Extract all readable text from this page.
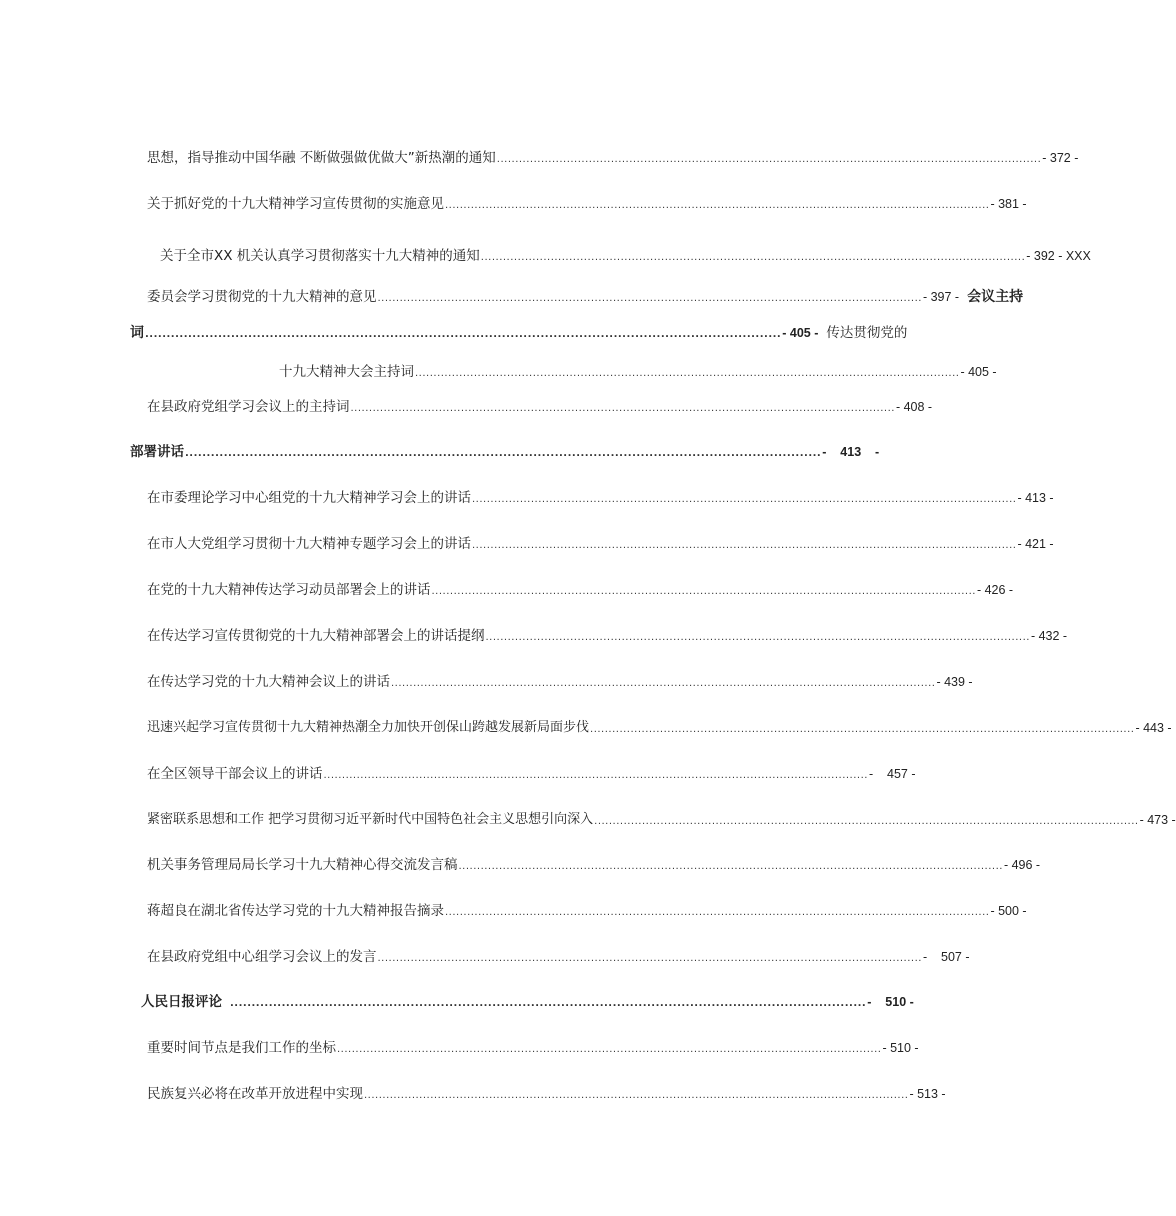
思想，指导推动中国华融 不断做强做优做大”新热潮的通知 .................................................................................................................................................... - 372 -
关于抓好党的十九大精神学习宣传贯彻的实施意见 .................................................................................................................................................... - 381 -
关于全市XX 机关认真学习贯彻落实十九大精神的通知 .................................................................................................................................................... - 392 - XXX
委员会学习贯彻党的十九大精神的意见 .................................................................................................................................................... - 397 - 会议主持
词 .................................................................................................................................................... - 405 - 传达贯彻党的
十九大精神大会主持词 .................................................................................................................................................... - 405 -
在县政府党组学习会议上的主持词 .................................................................................................................................................... - 408 -
部署讲话 .................................................................................................................................................... -    413    -
在市委理论学习中心组党的十九大精神学习会上的讲话 .................................................................................................................................................... - 413 -
在市人大党组学习贯彻十九大精神专题学习会上的讲话 .................................................................................................................................................... - 421 -
在党的十九大精神传达学习动员部署会上的讲话 .................................................................................................................................................... - 426 -
在传达学习宣传贯彻党的十九大精神部署会上的讲话提纲 .................................................................................................................................................... - 432 -
在传达学习党的十九大精神会议上的讲话 .................................................................................................................................................... - 439 -
迅速兴起学习宣传贯彻十九大精神热潮全力加快开创保山跨越发展新局面步伐 .................................................................................................................................................... - 443 -
在全区领导干部会议上的讲话 .................................................................................................................................................... -    457 -
紧密联系思想和工作 把学习贯彻习近平新时代中国特色社会主义思想引向深入 .................................................................................................................................................... - 473 -
机关事务管理局局长学习十九大精神心得交流发言稿 .................................................................................................................................................... - 496 -
蒋超良在湖北省传达学习党的十九大精神报告摘录 .................................................................................................................................................... - 500 -
在县政府党组中心组学习会议上的发言 .................................................................................................................................................... -    507 -
人民日报评论 .................................................................................................................................................... -    510 -
重要时间节点是我们工作的坐标 .................................................................................................................................................... - 510 -
民族复兴必将在改革开放进程中实现 .................................................................................................................................................... - 513 -
